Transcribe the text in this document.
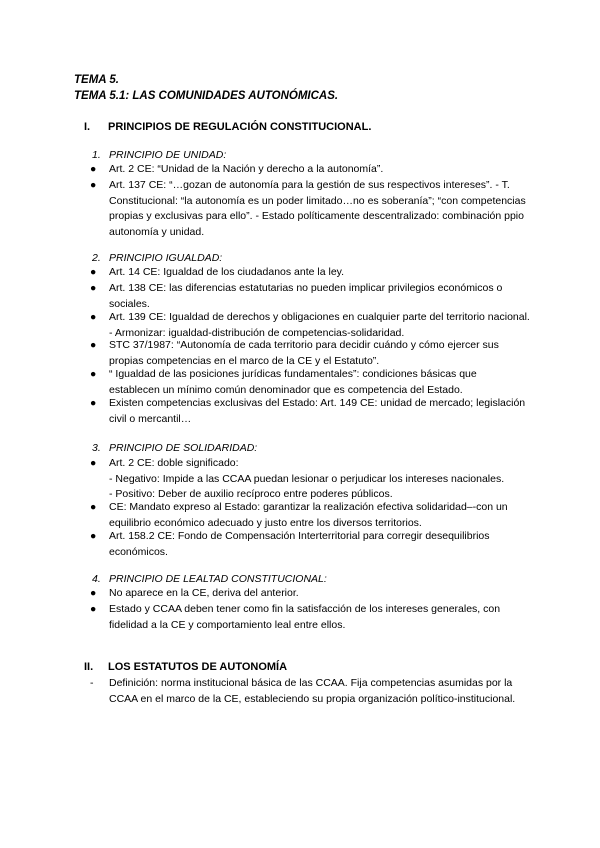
TEMA 5.
TEMA 5.1: LAS COMUNIDADES AUTONÓMICAS.
I. PRINCIPIOS DE REGULACIÓN CONSTITUCIONAL.
1. PRINCIPIO DE UNIDAD:
● Art. 2 CE: “Unidad de la Nación y derecho a la autonomía”.
● Art. 137 CE: “…gozan de autonomía para la gestión de sus respectivos intereses”. - T. Constitucional: “la autonomía es un poder limitado…no es soberanía”; “con competencias propias y exclusivas para ello”. - Estado políticamente descentralizado: combinación ppio autonomía y unidad.
2. PRINCIPIO IGUALDAD:
● Art. 14 CE: Igualdad de los ciudadanos ante la ley.
● Art. 138 CE: las diferencias estatutarias no pueden implicar privilegios económicos o sociales.
● Art. 139 CE: Igualdad de derechos y obligaciones en cualquier parte del territorio nacional. - Armonizar: igualdad-distribución de competencias-solidaridad.
● STC 37/1987: “Autonomía de cada territorio para decidir cuándo y cómo ejercer sus propias competencias en el marco de la CE y el Estatuto”.
● “ Igualdad de las posiciones jurídicas fundamentales”: condiciones básicas que establecen un mínimo común denominador que es competencia del Estado.
● Existen competencias exclusivas del Estado: Art. 149 CE: unidad de mercado; legislación civil o mercantil…
3. PRINCIPIO DE SOLIDARIDAD:
● Art. 2 CE: doble significado:
- Negativo: Impide a las CCAA puedan lesionar o perjudicar los intereses nacionales.
- Positivo: Deber de auxilio recíproco entre poderes públicos.
● CE: Mandato expreso al Estado: garantizar la realización efectiva solidaridad–-con un equilibrio económico adecuado y justo entre los diversos territorios.
● Art. 158.2 CE: Fondo de Compensación Interterritorial para corregir desequilibrios económicos.
4. PRINCIPIO DE LEALTAD CONSTITUCIONAL:
● No aparece en la CE, deriva del anterior.
● Estado y CCAA deben tener como fin la satisfacción de los intereses generales, con fidelidad a la CE y comportamiento leal entre ellos.
II. LOS ESTATUTOS DE AUTONOMÍA
- Definición: norma institucional básica de las CCAA. Fija competencias asumidas por la CCAA en el marco de la CE, estableciendo su propia organización político-institucional.
